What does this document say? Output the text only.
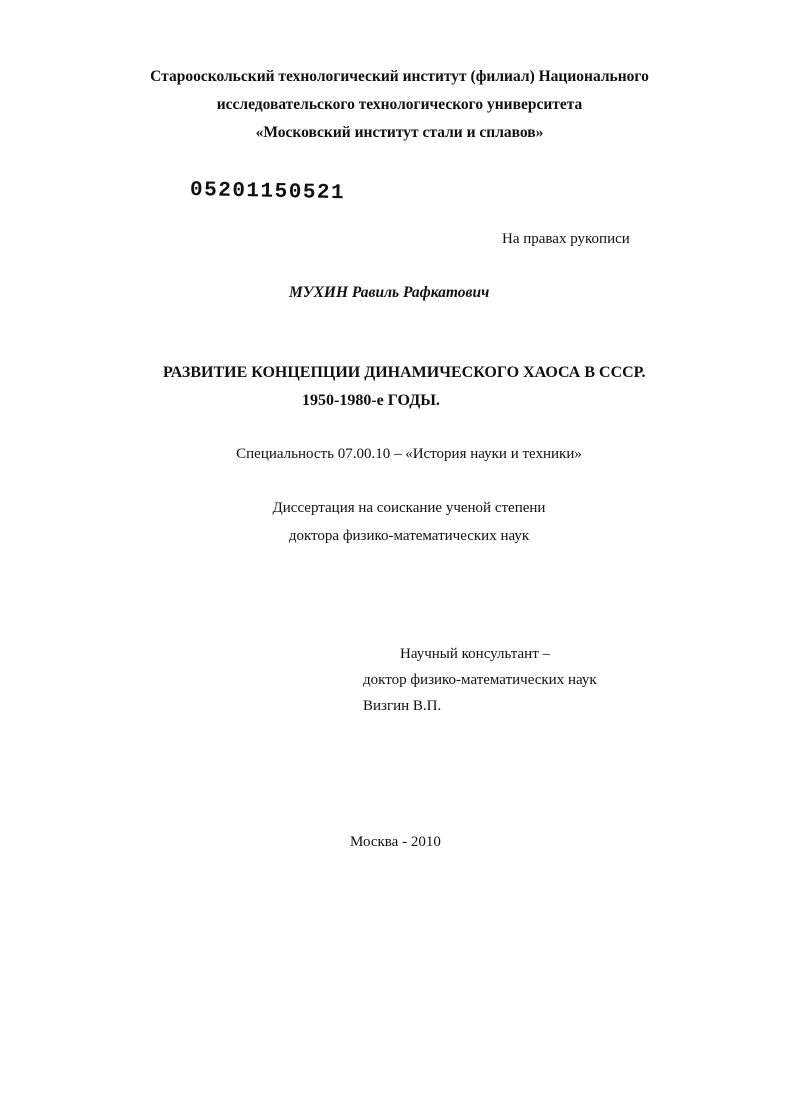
Старооскольский технологический институт (филиал) Национального
исследовательского технологического университета
«Московский институт стали и сплавов»
05201150521
На правах рукописи
МУХИН Равиль Рафкатович
РАЗВИТИЕ КОНЦЕПЦИИ ДИНАМИЧЕСКОГО ХАОСА В СССР.
1950-1980-е ГОДЫ.
Специальность 07.00.10 – «История науки и техники»
Диссертация на соискание ученой степени
доктора физико-математических наук
Научный консультант –
доктор физико-математических наук
Визгин В.П.
Москва - 2010
